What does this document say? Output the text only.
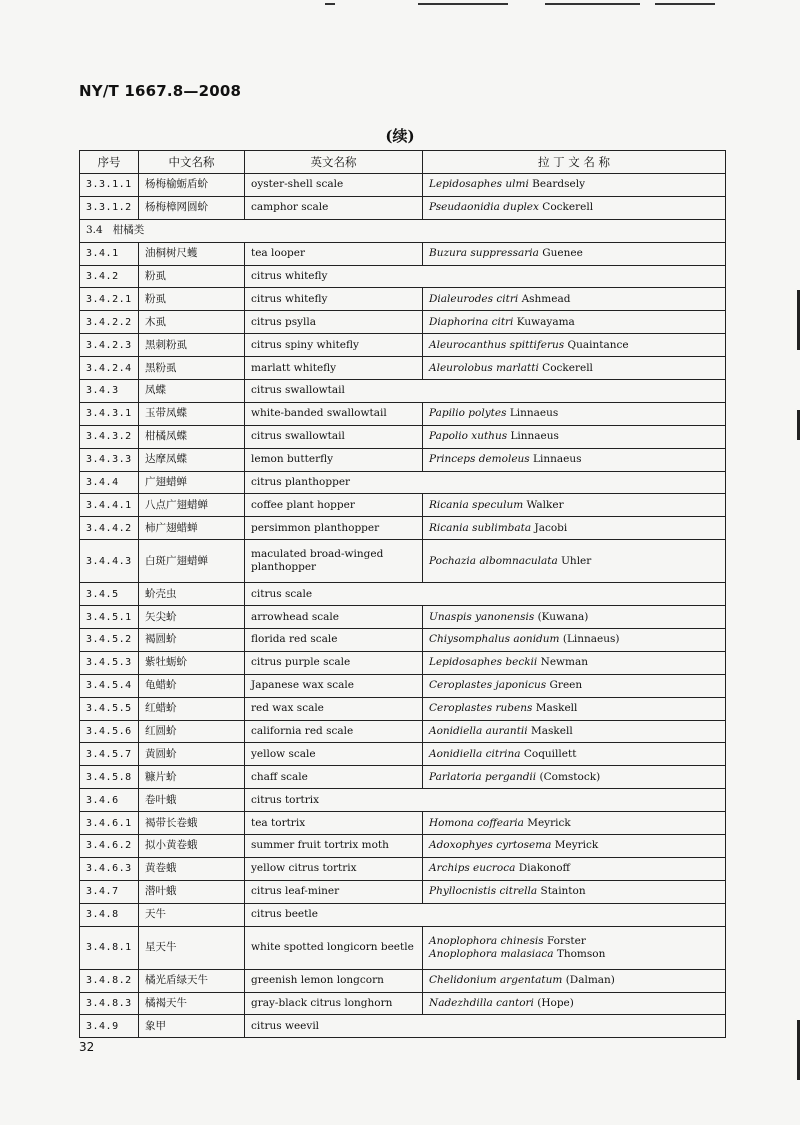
NY/T 1667.8—2008
(续)
序号	中文名称	英文名称	拉 丁 文 名 称
3.3.1.1	杨梅榆蛎盾蚧	oyster-shell scale	Lepidosaphes ulmi Beardsely
3.3.1.2	杨梅樟网圆蚧	camphor scale	Pseudaonidia duplex Cockerell
3.4 柑橘类			
3.4.1	油桐树尺蠖	tea looper	Buzura suppressaria Guenee
3.4.2	粉虱	citrus whitefly	
3.4.2.1	粉虱	citrus whitefly	Dialeurodes citri Ashmead
3.4.2.2	木虱	citrus psylla	Diaphorina citri Kuwayama
3.4.2.3	黑刺粉虱	citrus spiny whitefly	Aleurocanthus spittiferus Quaintance
3.4.2.4	黑粉虱	marlatt whitefly	Aleurolobus marlatti Cockerell
3.4.3	凤蝶	citrus swallowtail	
3.4.3.1	玉带凤蝶	white-banded swallowtail	Papilio polytes Linnaeus
3.4.3.2	柑橘凤蝶	citrus swallowtail	Papolio xuthus Linnaeus
3.4.3.3	达摩凤蝶	lemon butterfly	Princeps demoleus Linnaeus
3.4.4	广翅蜡蝉	citrus planthopper	
3.4.4.1	八点广翅蜡蝉	coffee plant hopper	Ricania speculum Walker
3.4.4.2	柿广翅蜡蝉	persimmon planthopper	Ricania sublimbata Jacobi
3.4.4.3	白斑广翅蜡蝉	maculated broad-winged planthopper	Pochazia albomnaculata Uhler
3.4.5	蚧壳虫	citrus scale	
3.4.5.1	矢尖蚧	arrowhead scale	Unaspis yanonensis (Kuwana)
3.4.5.2	褐圆蚧	florida red scale	Chiysomphalus aonidum (Linnaeus)
3.4.5.3	紫牡蛎蚧	citrus purple scale	Lepidosaphes beckii Newman
3.4.5.4	龟蜡蚧	Japanese wax scale	Ceroplastes japonicus Green
3.4.5.5	红蜡蚧	red wax scale	Ceroplastes rubens Maskell
3.4.5.6	红圆蚧	california red scale	Aonidiella aurantii Maskell
3.4.5.7	黄圆蚧	yellow scale	Aonidiella citrina Coquillett
3.4.5.8	糠片蚧	chaff scale	Parlatoria pergandii (Comstock)
3.4.6	卷叶蛾	citrus tortrix	
3.4.6.1	褐带长卷蛾	tea tortrix	Homona coffearia Meyrick
3.4.6.2	拟小黄卷蛾	summer fruit tortrix moth	Adoxophyes cyrtosema Meyrick
3.4.6.3	黄卷蛾	yellow citrus tortrix	Archips eucroca Diakonoff
3.4.7	潜叶蛾	citrus leaf-miner	Phyllocnistis citrella Stainton
3.4.8	天牛	citrus beetle	
3.4.8.1	星天牛	white spotted longicorn beetle	Anoplophora chinesis Forster
Anoplophora malasiaca Thomson
3.4.8.2	橘光盾绿天牛	greenish lemon longcorn	Chelidonium argentatum (Dalman)
3.4.8.3	橘褐天牛	gray-black citrus longhorn	Nadezhdilla cantori (Hope)
3.4.9	象甲	citrus weevil	
32
